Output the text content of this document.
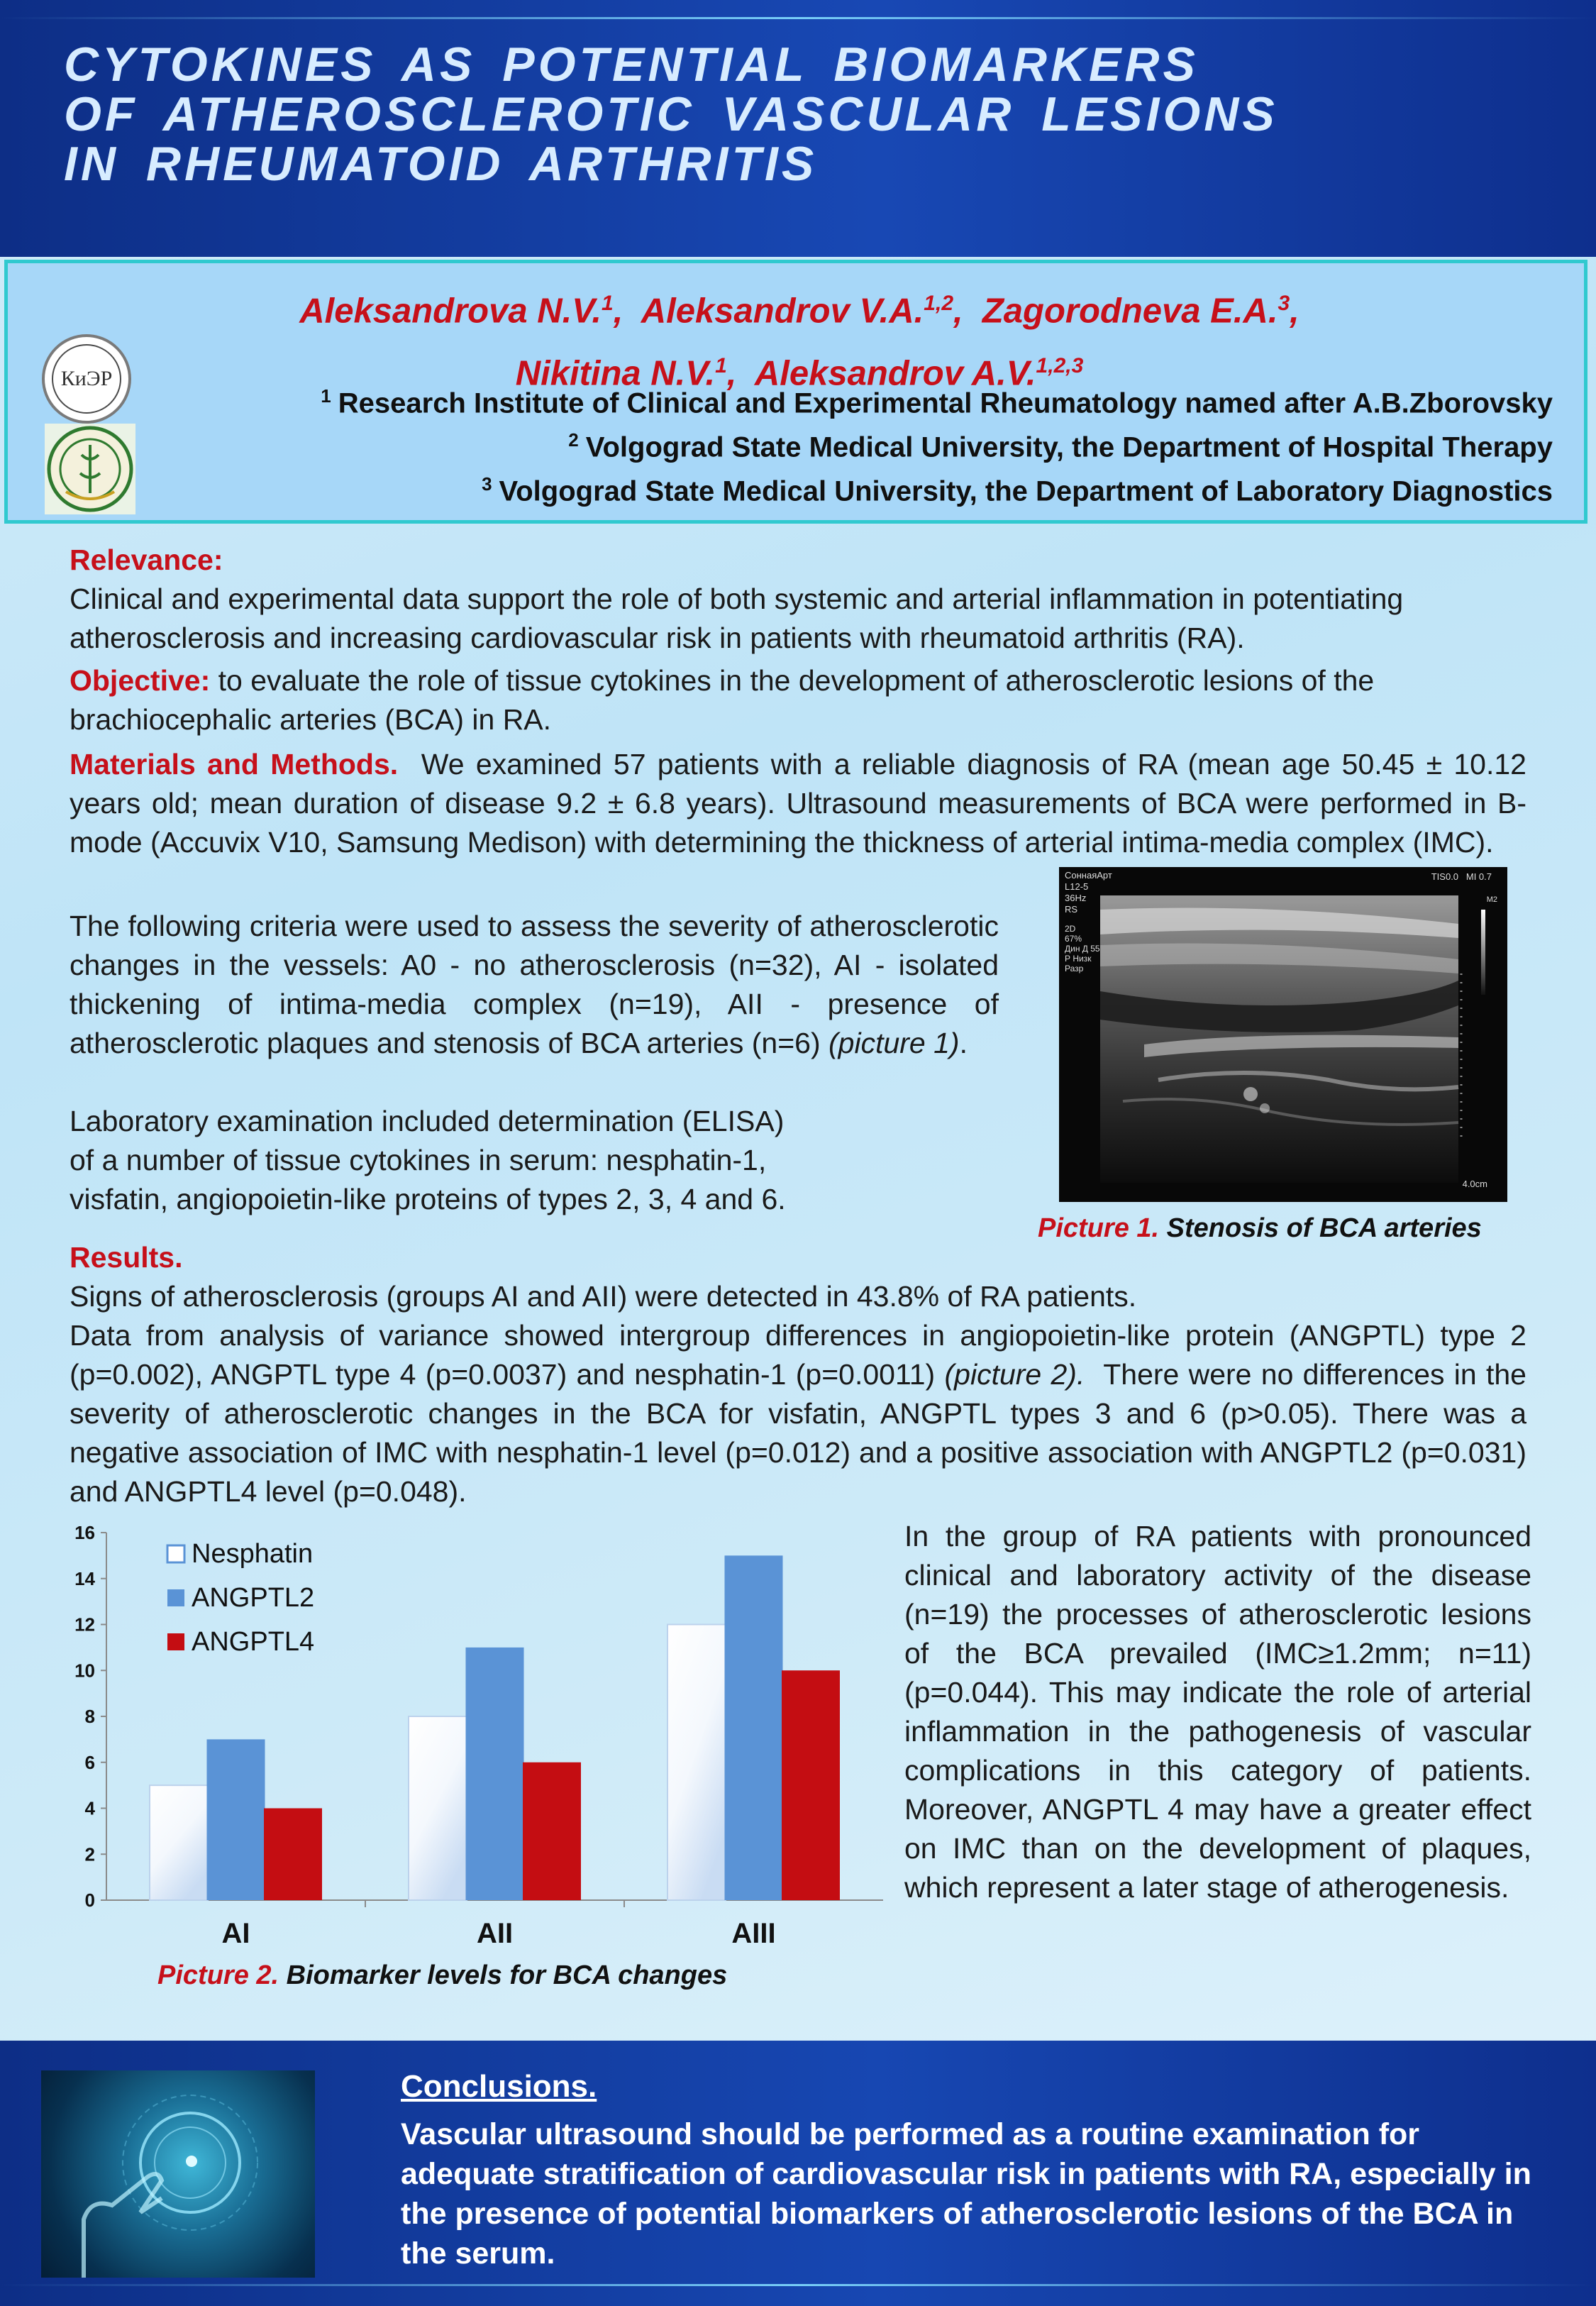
CYTOKINES AS POTENTIAL BIOMARKERS
OF ATHEROSCLEROTIC VASCULAR LESIONS
IN RHEUMATOID ARTHRITIS
Aleksandrova N.V.$^1$,  Aleksandrov V.A.$^{1,2}$,  Zagorodneva E.A.$^3$,
Nikitina N.V.$^1$,  Aleksandrov A.V.$^{1,2,3}$
$^1$ Research Institute of Clinical and Experimental Rheumatology named after A.B.Zborovsky
$^2$ Volgograd State Medical University, the Department of Hospital Therapy
$^3$ Volgograd State Medical University, the Department of Laboratory Diagnostics
КиЭР
Relevance:
Clinical and experimental data support the role of both systemic and arterial inflammation in potentiating atherosclerosis and increasing cardiovascular risk in patients with rheumatoid arthritis (RA).
Objective: to evaluate the role of tissue cytokines in the development of atherosclerotic lesions of the brachiocephalic arteries (BCA) in RA.
Materials and Methods. We examined 57 patients with a reliable diagnosis of RA (mean age 50.45 ± 10.12 years old; mean duration of disease 9.2 ± 6.8 years). Ultrasound measurements of BCA were performed in B-mode (Accuvix V10, Samsung Medison) with determining the thickness of arterial intima-media complex (IMC).
The following criteria were used to assess the severity of atherosclerotic changes in the vessels: A0 - no atherosclerosis (n=32), AI - isolated thickening of intima-media complex (n=19), AII - presence of atherosclerotic plaques and stenosis of BCA arteries (n=6) (picture 1).
Laboratory examination included determination (ELISA)
of a number of tissue cytokines in serum: nesphatin-1,
visfatin, angiopoietin-like proteins of types 2, 3, 4 and 6.
СоннаяАрт
L12-5
36Hz
RS
2D
67%
Дин Д 55
Р Низк
Разр
TIS0.0   MI 0.7
M2
4.0cm
Picture 1. Stenosis of BCA arteries
Results.
Signs of atherosclerosis (groups AI and AII) were detected in 43.8% of RA patients.
Data from analysis of variance showed intergroup differences in angiopoietin-like protein (ANGPTL) type 2 (p=0.002), ANGPTL type 4 (p=0.0037) and nesphatin-1 (p=0.0011) (picture 2). There were no differences in the severity of atherosclerotic changes in the BCA for visfatin, ANGPTL types 3 and 6 (p>0.05). There was a negative association of IMC with nesphatin-1 level (p=0.012) and a positive association with ANGPTL2 (p=0.031) and ANGPTL4 level (p=0.048).
In the group of RA patients with pronounced clinical and laboratory activity of the disease (n=19) the processes of atherosclerotic lesions of the BCA prevailed (IMC≥1.2mm; n=11) (p=0.044). This may indicate the role of arterial inflammation in the pathogenesis of vascular complications in this category of patients. Moreover, ANGPTL 4 may have a greater effect on IMC than on the development of plaques, which represent a later stage of atherogenesis.
0
2
4
6
8
10
12
14
16
AI	AII	AIII
Nesphatin
ANGPTL2
ANGPTL4
Picture 2. Biomarker levels for BCA changes
Conclusions.
Vascular ultrasound should be performed as a routine examination for adequate stratification of cardiovascular risk in patients with RA, especially in the presence of potential biomarkers of atherosclerotic lesions of the BCA in the serum.
